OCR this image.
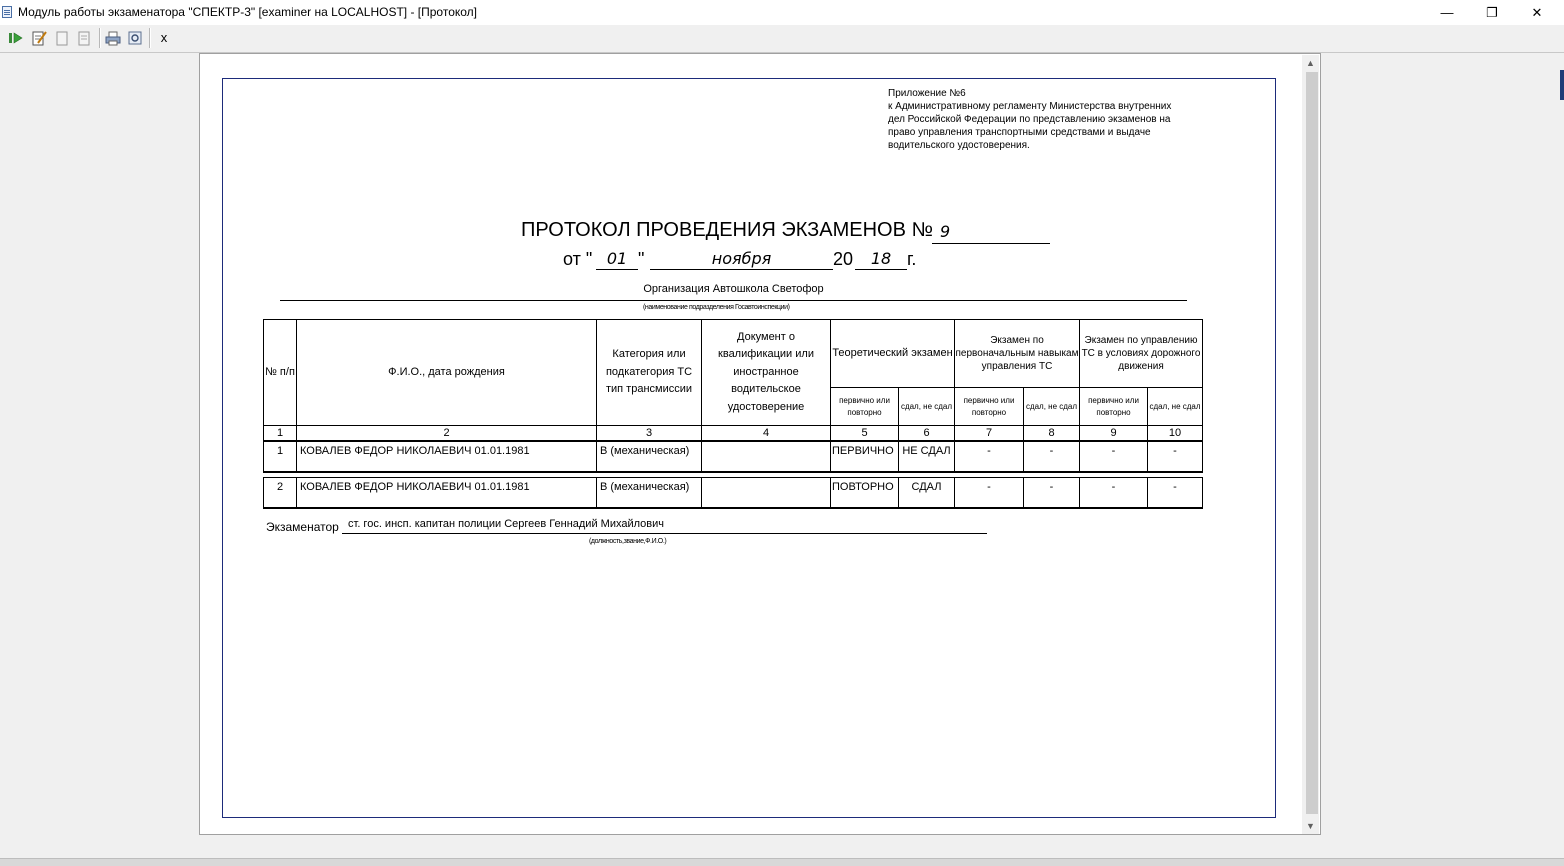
Модуль работы экзаменатора "СПЕКТР-3" [examiner на LOCALHOST] - [Протокол]	—	❐	✕
x
▲
▼
Приложение №6
к Административному регламенту Министерства внутренних
дел Российской Федерации по представлению экзаменов на
право управления транспортными средствами и выдаче
водительского удостоверения.
ПРОТОКОЛ ПРОВЕДЕНИЯ ЭКЗАМЕНОВ № 9
от " 01 "	ноября	20	18 г.
Организация Автошкола Светофор
(наименование подразделения Госавтоинспекции)
№ п/п	Ф.И.О., дата рождения	Категория или подкатегория ТС тип трансмиссии	Документ о квалификации или иностранное водительское удостоверение	Теоретический экзамен		Экзамен по первоначальным навыкам управления ТС		Экзамен по управлению ТС в условиях дорожного движения	
				первично или повторно	сдал, не сдал	первично или повторно	сдал, не сдал	первично или повторно	сдал, не сдал
1	2	3	4	5	6	7	8	9	10
1	КОВАЛЕВ ФЕДОР НИКОЛАЕВИЧ 01.01.1981	B (механическая)		ПЕРВИЧНО	НЕ СДАЛ	-	-	-	-

2	КОВАЛЕВ ФЕДОР НИКОЛАЕВИЧ 01.01.1981	B (механическая)		ПОВТОРНО	СДАЛ	-	-	-	-
Экзаменатор ст. гос. инсп. капитан полиции Сергеев Геннадий Михайлович
(должность,звание,Ф.И.О.)
